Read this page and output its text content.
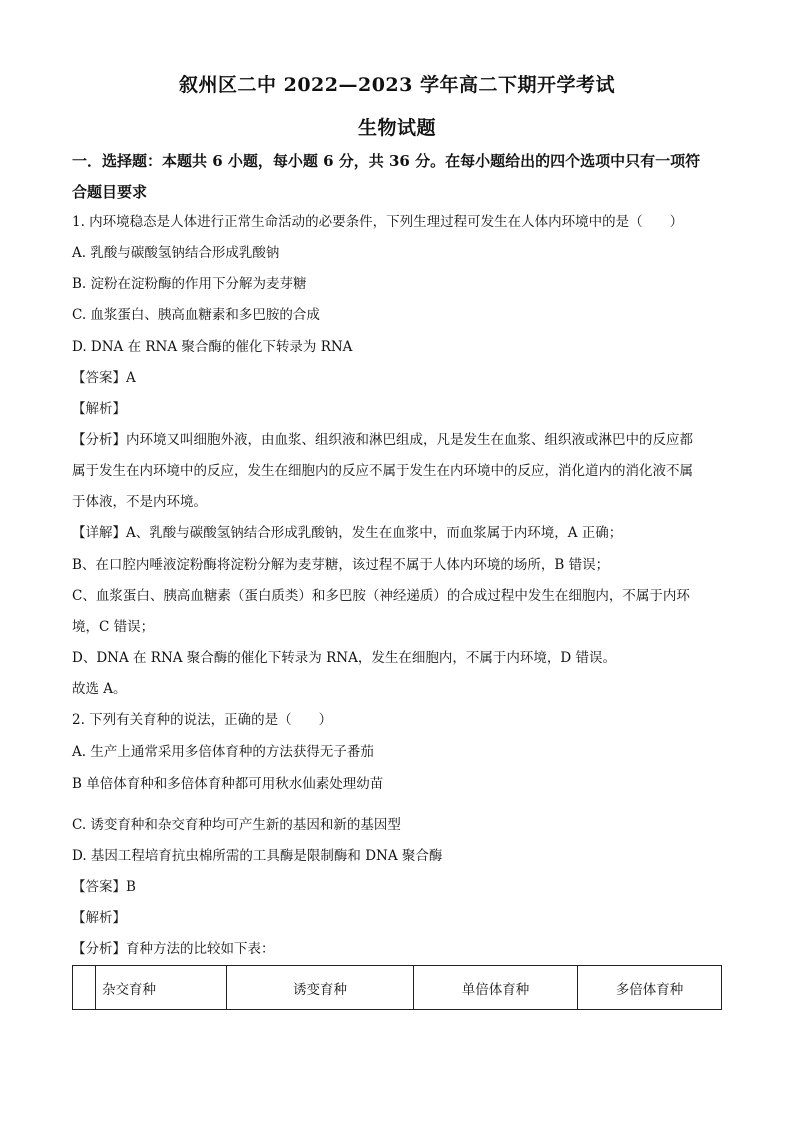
叙州区二中 2022—2023 学年高二下期开学考试
生物试题
一．选择题：本题共 6 小题，每小题 6 分，共 36 分。在每小题给出的四个选项中只有一项符
合题目要求
1. 内环境稳态是人体进行正常生命活动的必要条件，下列生理过程可发生在人体内环境中的是（　　）
A. 乳酸与碳酸氢钠结合形成乳酸钠
B. 淀粉在淀粉酶的作用下分解为麦芽糖
C. 血浆蛋白、胰高血糖素和多巴胺的合成
D. DNA 在 RNA 聚合酶的催化下转录为 RNA
【答案】A
【解析】
【分析】内环境又叫细胞外液，由血浆、组织液和淋巴组成，凡是发生在血浆、组织液或淋巴中的反应都
属于发生在内环境中的反应，发生在细胞内的反应不属于发生在内环境中的反应，消化道内的消化液不属
于体液，不是内环境。
【详解】A、乳酸与碳酸氢钠结合形成乳酸钠，发生在血浆中，而血浆属于内环境，A 正确；
B、在口腔内唾液淀粉酶将淀粉分解为麦芽糖，该过程不属于人体内环境的场所，B 错误；
C、血浆蛋白、胰高血糖素（蛋白质类）和多巴胺（神经递质）的合成过程中发生在细胞内，不属于内环
境，C 错误；
D、DNA 在 RNA 聚合酶的催化下转录为 RNA，发生在细胞内，不属于内环境，D 错误。
故选 A。
2. 下列有关育种的说法，正确的是（　　）
A. 生产上通常采用多倍体育种的方法获得无子番茄
B 单倍体育种和多倍体育种都可用秋水仙素处理幼苗
C. 诱变育种和杂交育种均可产生新的基因和新的基因型
D. 基因工程培育抗虫棉所需的工具酶是限制酶和 DNA 聚合酶
【答案】B
【解析】
【分析】育种方法的比较如下表：
	杂交育种	诱变育种	单倍体育种	多倍体育种
